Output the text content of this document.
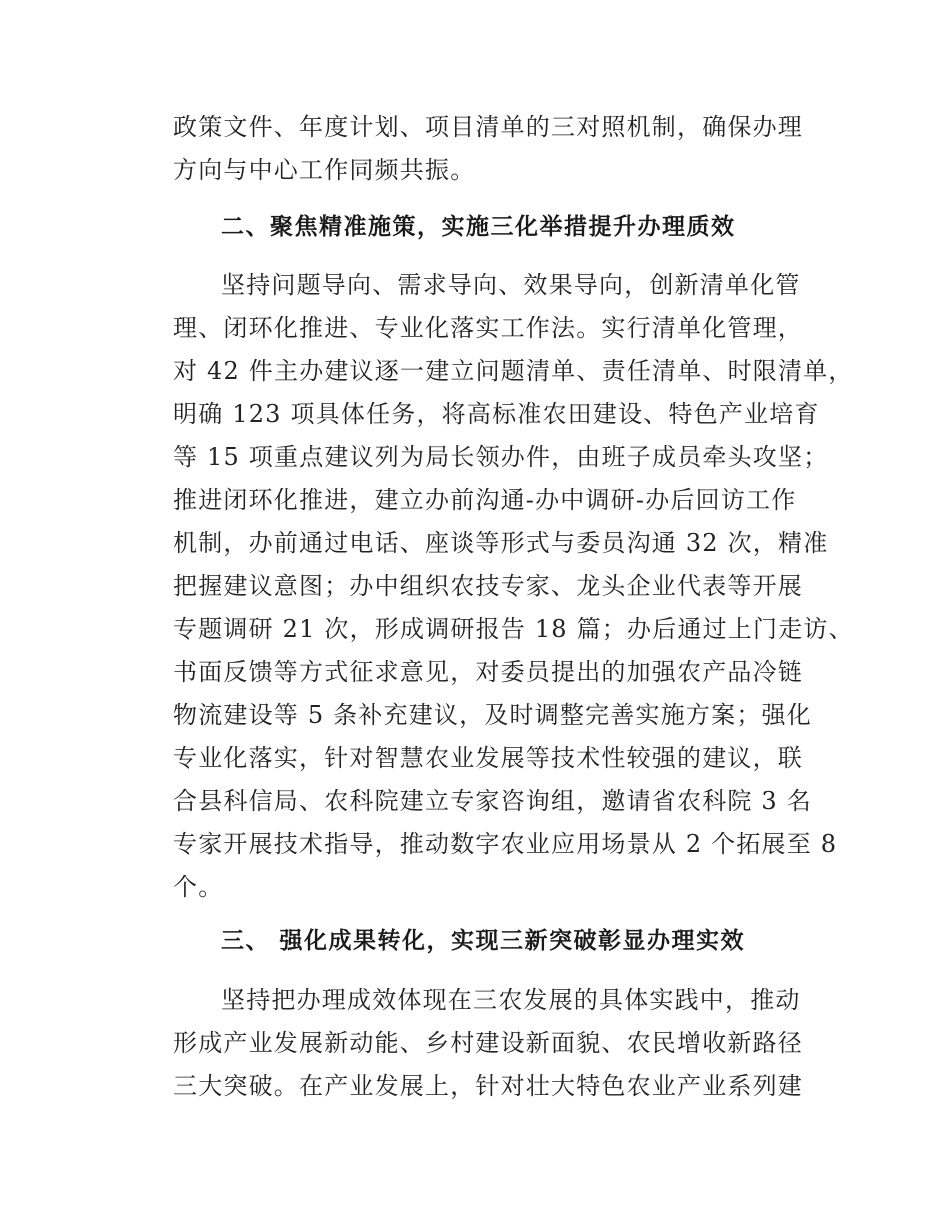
政策文件、年度计划、项目清单的三对照机制，确保办理
方向与中心工作同频共振。
二、聚焦精准施策，实施三化举措提升办理质效
坚持问题导向、需求导向、效果导向，创新清单化管
理、闭环化推进、专业化落实工作法。实行清单化管理，
对 42 件主办建议逐一建立问题清单、责任清单、时限清单，
明确 123 项具体任务，将高标准农田建设、特色产业培育
等 15 项重点建议列为局长领办件，由班子成员牵头攻坚；
推进闭环化推进，建立办前沟通-办中调研-办后回访工作
机制，办前通过电话、座谈等形式与委员沟通 32 次，精准
把握建议意图；办中组织农技专家、龙头企业代表等开展
专题调研 21 次，形成调研报告 18 篇；办后通过上门走访、
书面反馈等方式征求意见，对委员提出的加强农产品冷链
物流建设等 5 条补充建议，及时调整完善实施方案；强化
专业化落实，针对智慧农业发展等技术性较强的建议，联
合县科信局、农科院建立专家咨询组，邀请省农科院 3 名
专家开展技术指导，推动数字农业应用场景从 2 个拓展至 8
个。
三、 强化成果转化，实现三新突破彰显办理实效
坚持把办理成效体现在三农发展的具体实践中，推动
形成产业发展新动能、乡村建设新面貌、农民增收新路径
三大突破。在产业发展上，针对壮大特色农业产业系列建
